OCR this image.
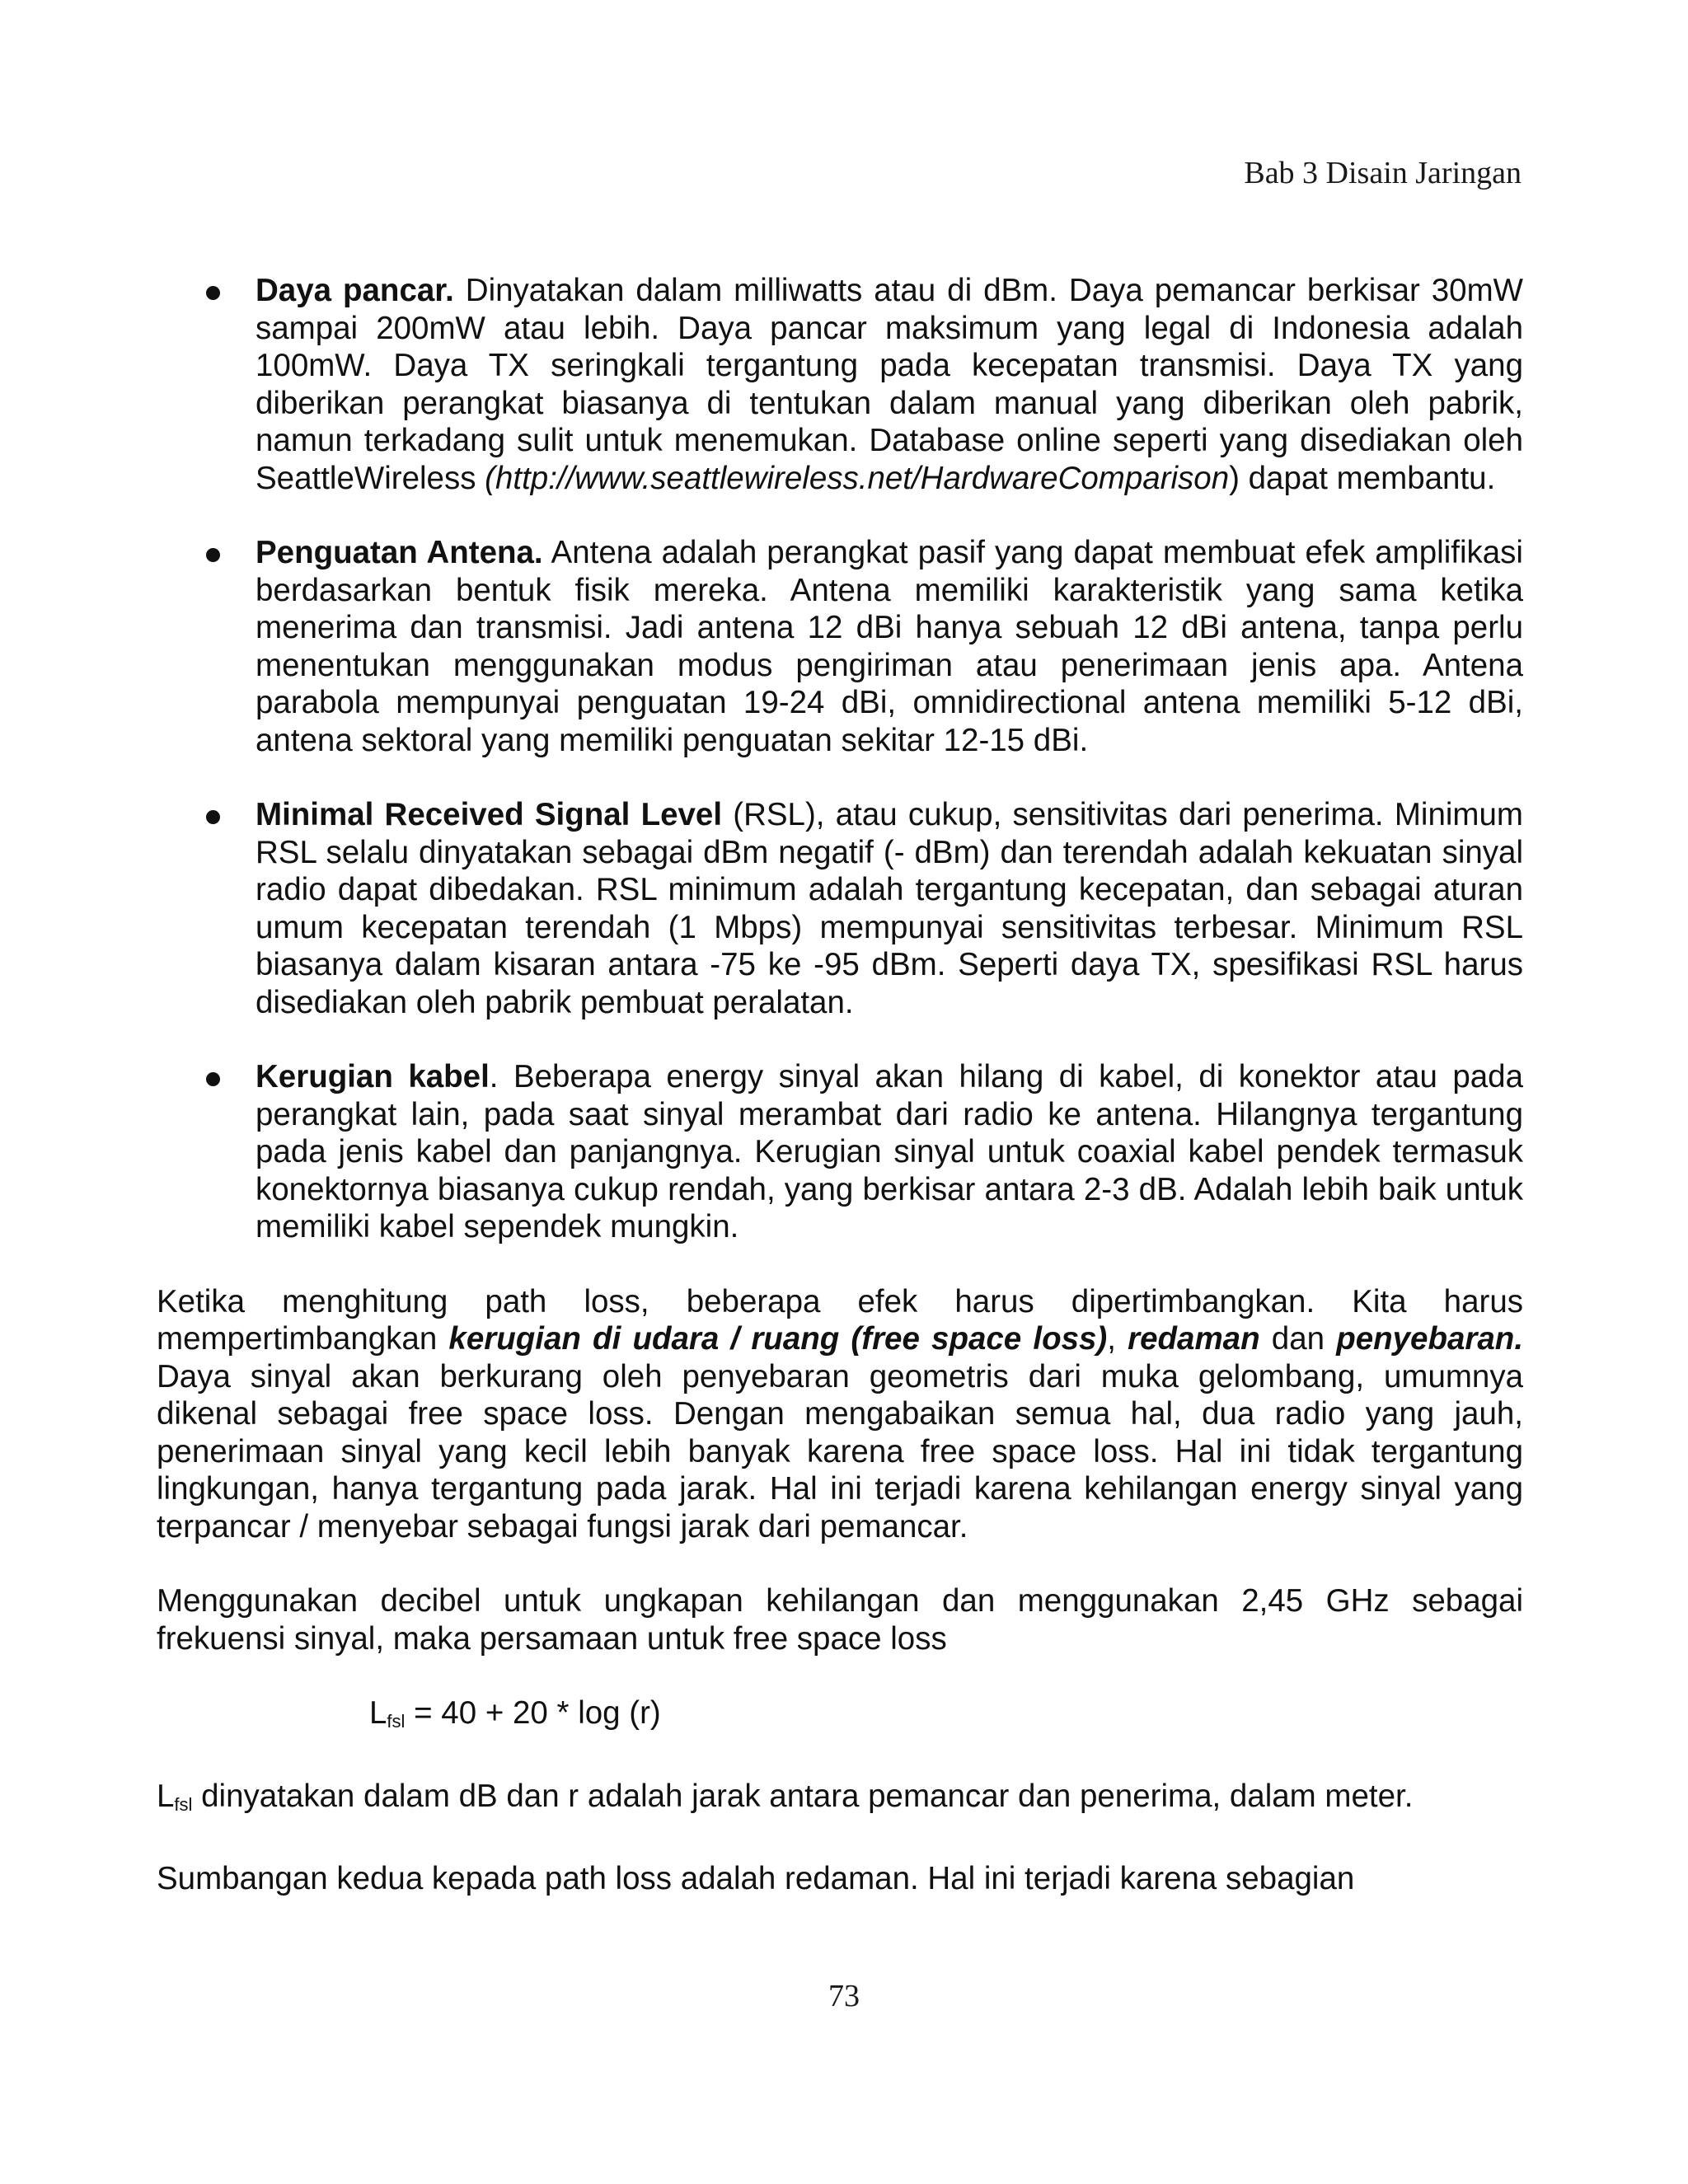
Bab 3 Disain Jaringan
Daya pancar. Dinyatakan dalam milliwatts atau di dBm. Daya pemancar berkisar 30mW sampai 200mW atau lebih. Daya pancar maksimum yang legal di Indonesia adalah 100mW. Daya TX seringkali tergantung pada kecepatan transmisi. Daya TX yang diberikan perangkat biasanya di tentukan dalam manual yang diberikan oleh pabrik, namun terkadang sulit untuk menemukan. Database online seperti yang disediakan oleh SeattleWireless (http://www.seattlewireless.net/HardwareComparison) dapat membantu.
Penguatan Antena. Antena adalah perangkat pasif yang dapat membuat efek amplifikasi berdasarkan bentuk fisik mereka. Antena memiliki karakteristik yang sama ketika menerima dan transmisi. Jadi antena 12 dBi hanya sebuah 12 dBi antena, tanpa perlu menentukan menggunakan modus pengiriman atau penerimaan jenis apa. Antena parabola mempunyai penguatan 19-24 dBi, omnidirectional antena memiliki 5-12 dBi, antena sektoral yang memiliki penguatan sekitar 12-15 dBi.
Minimal Received Signal Level (RSL), atau cukup, sensitivitas dari penerima. Minimum RSL selalu dinyatakan sebagai dBm negatif (- dBm) dan terendah adalah kekuatan sinyal radio dapat dibedakan. RSL minimum adalah tergantung kecepatan, dan sebagai aturan umum kecepatan terendah (1 Mbps) mempunyai sensitivitas terbesar. Minimum RSL biasanya dalam kisaran antara -75 ke -95 dBm. Seperti daya TX, spesifikasi RSL harus disediakan oleh pabrik pembuat peralatan.
Kerugian kabel. Beberapa energy sinyal akan hilang di kabel, di konektor atau pada perangkat lain, pada saat sinyal merambat dari radio ke antena. Hilangnya tergantung pada jenis kabel dan panjangnya. Kerugian sinyal untuk coaxial kabel pendek termasuk konektornya biasanya cukup rendah, yang berkisar antara 2-3 dB. Adalah lebih baik untuk memiliki kabel sependek mungkin.

Ketika menghitung path loss, beberapa efek harus dipertimbangkan. Kita harus mempertimbangkan kerugian di udara / ruang (free space loss), redaman dan penyebaran. Daya sinyal akan berkurang oleh penyebaran geometris dari muka gelombang, umumnya dikenal sebagai free space loss. Dengan mengabaikan semua hal, dua radio yang jauh, penerimaan sinyal yang kecil lebih banyak karena free space loss. Hal ini tidak tergantung lingkungan, hanya tergantung pada jarak. Hal ini terjadi karena kehilangan energy sinyal yang terpancar / menyebar sebagai fungsi jarak dari pemancar.

Menggunakan decibel untuk ungkapan kehilangan dan menggunakan 2,45 GHz sebagai frekuensi sinyal, maka persamaan untuk free space loss

$L_{fsl} = 40 + 20 * \log (r)$

$L_{fsl}$ dinyatakan dalam dB dan r adalah jarak antara pemancar dan penerima, dalam meter.

Sumbangan kedua kepada path loss adalah redaman. Hal ini terjadi karena sebagian

73
